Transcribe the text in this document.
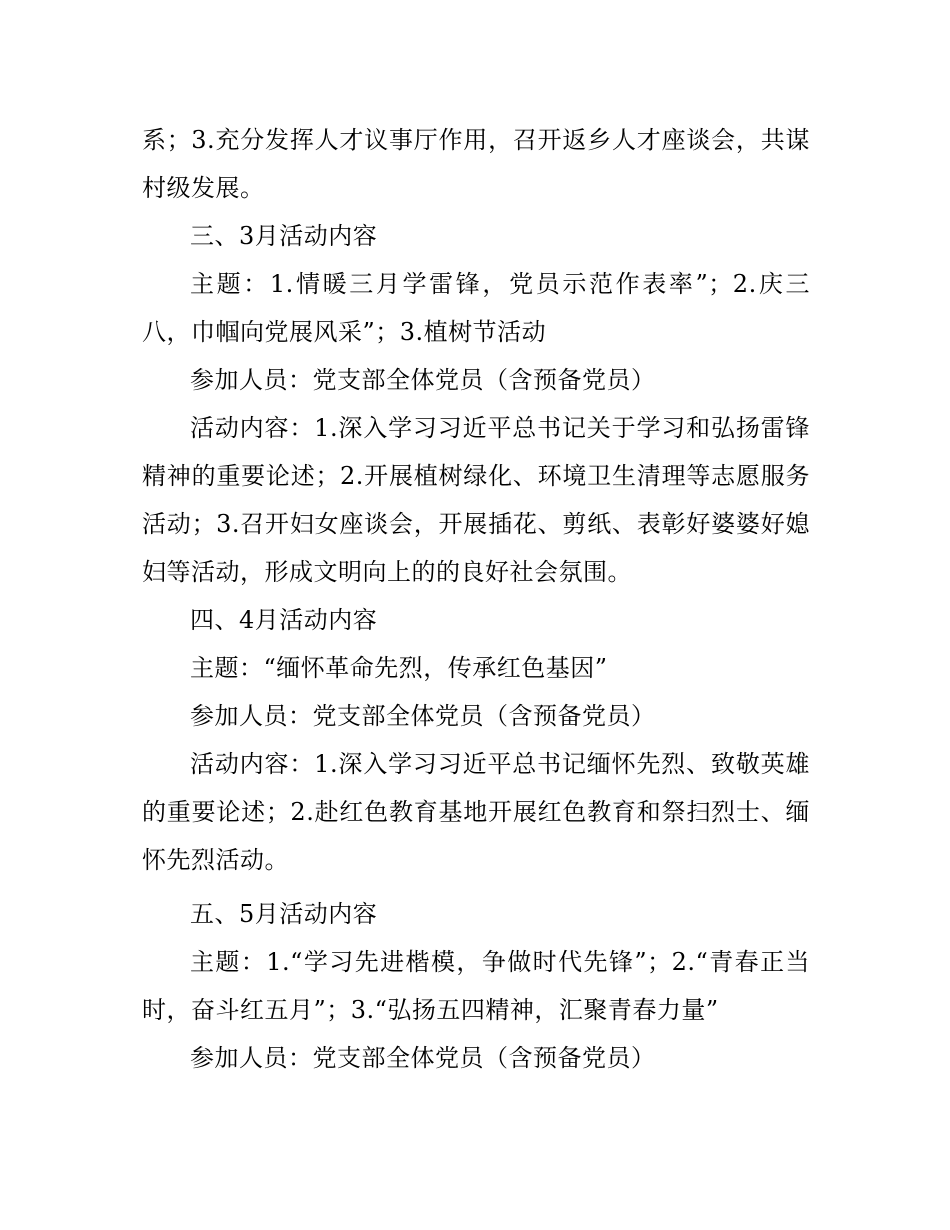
系；3.充分发挥人才议事厅作用，召开返乡人才座谈会，共谋村级发展。

三、3月活动内容

主题：1.情暖三月学雷锋，党员示范作表率”；2.庆三八，巾帼向党展风采”；3.植树节活动

参加人员：党支部全体党员（含预备党员）

活动内容：1.深入学习习近平总书记关于学习和弘扬雷锋精神的重要论述；2.开展植树绿化、环境卫生清理等志愿服务活动；3.召开妇女座谈会，开展插花、剪纸、表彰好婆婆好媳妇等活动，形成文明向上的的良好社会氛围。

四、4月活动内容

主题：“缅怀革命先烈，传承红色基因”

参加人员：党支部全体党员（含预备党员）

活动内容：1.深入学习习近平总书记缅怀先烈、致敬英雄的重要论述；2.赴红色教育基地开展红色教育和祭扫烈士、缅怀先烈活动。

五、5月活动内容

主题：1.“学习先进楷模，争做时代先锋”；2.“青春正当时，奋斗红五月”；3.“弘扬五四精神，汇聚青春力量”

参加人员：党支部全体党员（含预备党员）
